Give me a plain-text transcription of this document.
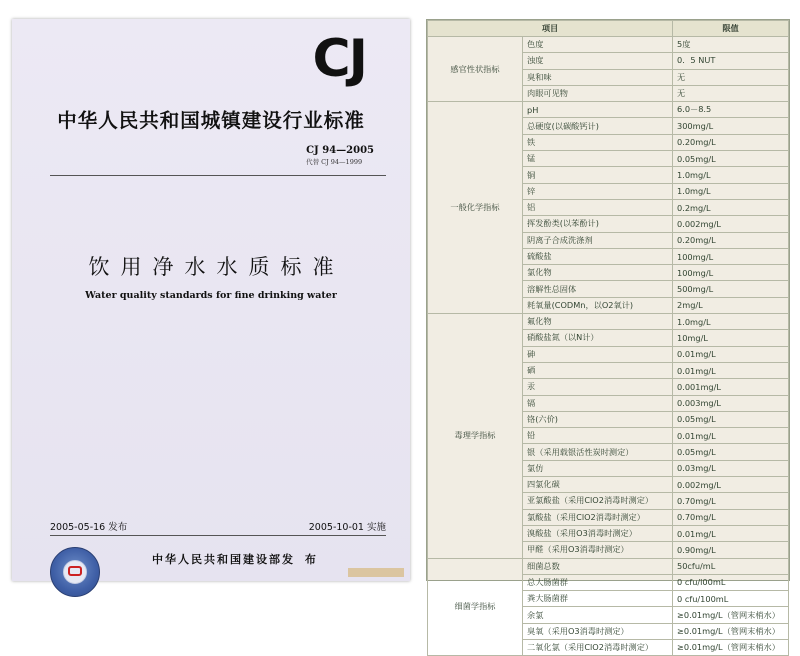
CJ
中华人民共和国城镇建设行业标准
CJ 94—2005
代替 CJ 94—1999
饮用净水水质标准
Water quality standards for fine drinking water
2005-05-16 发布	2005-10-01 实施
中华人民共和国建设部 发 布
项目		限值
感官性状指标	色度	5度
	浊度	0．5 NUT
	臭和味	无
	肉眼可见物	无
一般化学指标	pH	6.0－8.5
	总硬度(以碳酸钙计)	300mg/L
	铁	0.20mg/L
	锰	0.05mg/L
	铜	1.0mg/L
	锌	1.0mg/L
	铝	0.2mg/L
	挥发酚类(以苯酚计)	0.002mg/L
	阴离子合成洗涤剂	0.20mg/L
	硫酸盐	100mg/L
	氯化物	100mg/L
	溶解性总固体	500mg/L
	耗氧量(CODMn，以O2氧计)	2mg/L
毒理学指标	氟化物	1.0mg/L
	硝酸盐氮（以N计）	10mg/L
	砷	0.01mg/L
	硒	0.01mg/L
	汞	0.001mg/L
	镉	0.003mg/L
	铬(六价)	0.05mg/L
	铅	0.01mg/L
	银（采用载银活性炭时测定）	0.05mg/L
	氯仿	0.03mg/L
	四氯化碳	0.002mg/L
	亚氯酸盐（采用ClO2消毒时测定）	0.70mg/L
	氯酸盐（采用ClO2消毒时测定）	0.70mg/L
	溴酸盐（采用O3消毒时测定）	0.01mg/L
	甲醛（采用O3消毒时测定）	0.90mg/L
细菌学指标	细菌总数	50cfu/mL
	总大肠菌群	0 cfu/l00mL
	粪大肠菌群	0 cfu/100mL
	余氯	≥0.01mg/L（管网末梢水）
	臭氧（采用O3消毒时测定）	≥0.01mg/L（管网末梢水）
	二氧化氯（采用ClO2消毒时测定）	≥0.01mg/L（管网末梢水）
